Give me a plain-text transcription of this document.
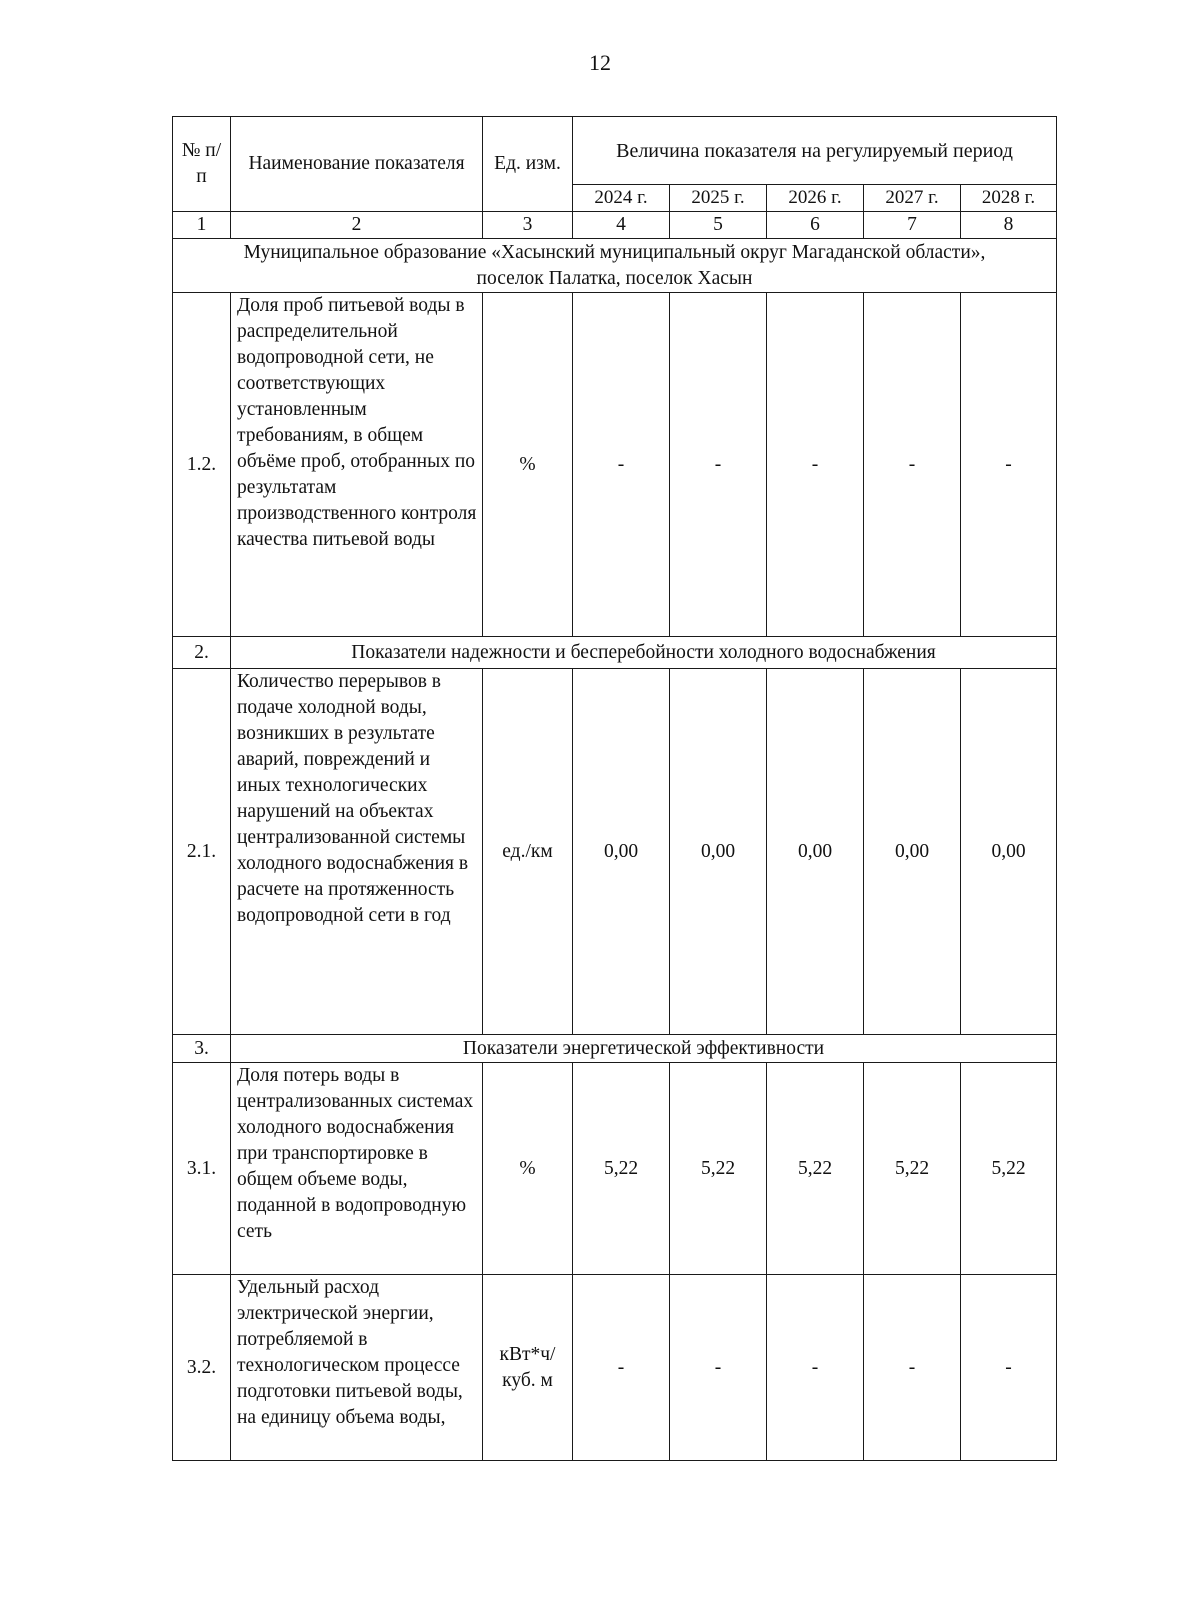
12
№ п/п	Наименование показателя	Ед. изм.	Величина показателя на регулируемый период				
			2024 г.	2025 г.	2026 г.	2027 г.	2028 г.
1	2	3	4	5	6	7	8
Муниципальное образование «Хасынский муниципальный округ Магаданской области», поселок Палатка, поселок Хасын							
1.2.	Доля проб питьевой воды в распределительной водопроводной сети, не соответствующих установленным требованиям, в общем объёме проб, отобранных по результатам производственного контроля качества питьевой воды	%	-	-	-	-	-
2.	Показатели надежности и бесперебойности холодного водоснабжения						
2.1.	Количество перерывов в подаче холодной воды, возникших в результате аварий, повреждений и иных технологических нарушений на объектах централизованной системы холодного водоснабжения в расчете на протяженность водопроводной сети в год	ед./км	0,00	0,00	0,00	0,00	0,00
3.	Показатели энергетической эффективности						
3.1.	Доля потерь воды в централизованных системах холодного водоснабжения при транспортировке в общем объеме воды, поданной в водопроводную сеть	%	5,22	5,22	5,22	5,22	5,22
3.2.	Удельный расход электрической энергии, потребляемой в технологическом процессе подготовки питьевой воды, на единицу объема воды,	кВт*ч/ куб. м	-	-	-	-	-
